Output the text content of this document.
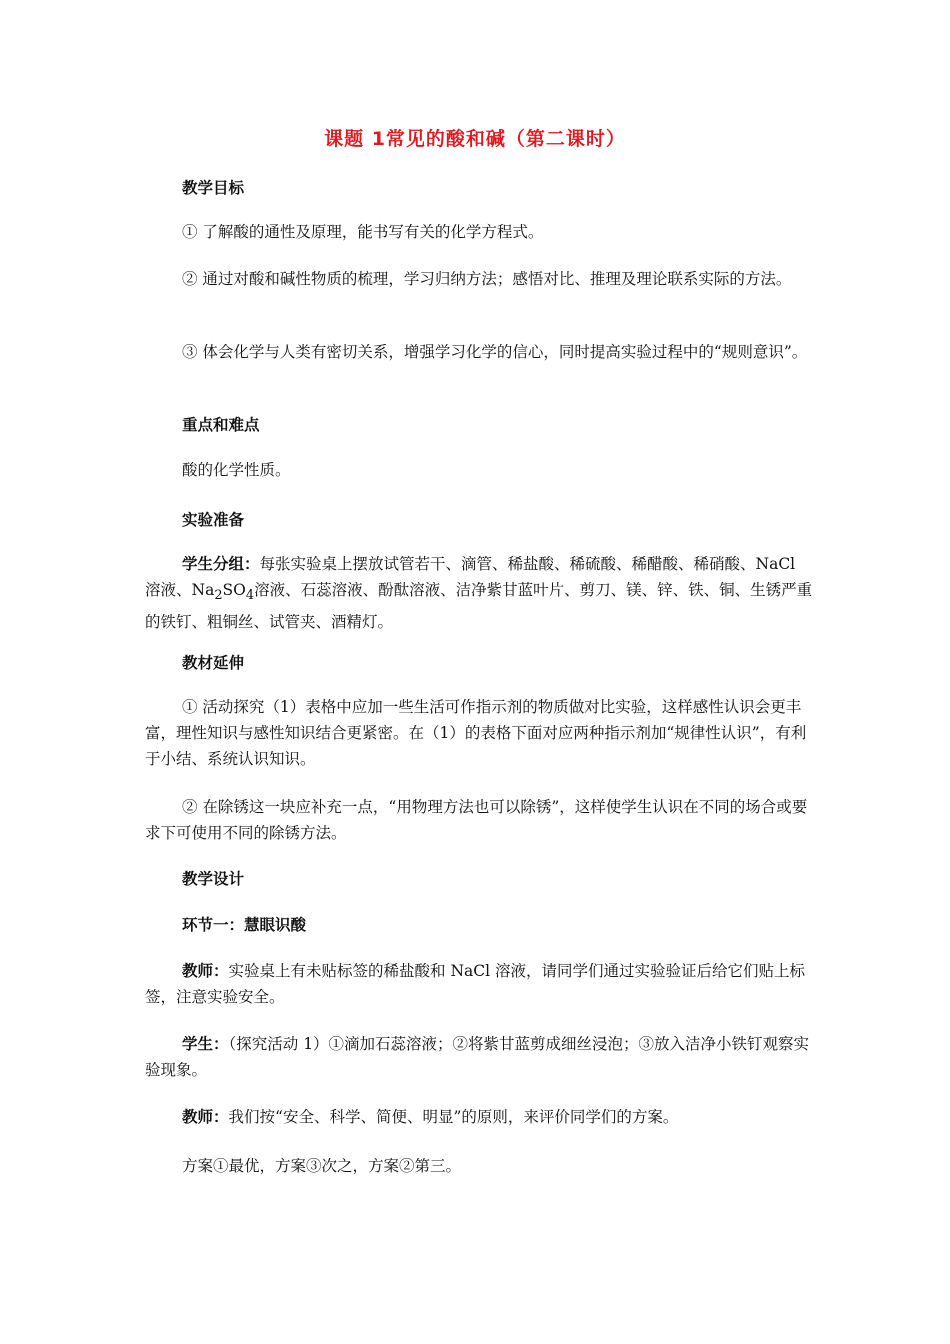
课题 1常见的酸和碱（第二课时）
教学目标
① 了解酸的通性及原理，能书写有关的化学方程式。
② 通过对酸和碱性物质的梳理，学习归纳方法；感悟对比、推理及理论联系实际的方法。
③ 体会化学与人类有密切关系，增强学习化学的信心，同时提高实验过程中的“规则意识”。
重点和难点
酸的化学性质。
实验准备
学生分组：每张实验桌上摆放试管若干、滴管、稀盐酸、稀硫酸、稀醋酸、稀硝酸、NaCl 溶液、$Na_2SO_4$溶液、石蕊溶液、酚酞溶液、洁净紫甘蓝叶片、剪刀、镁、锌、铁、铜、生锈严重的铁钉、粗铜丝、试管夹、酒精灯。
教材延伸
① 活动探究（1）表格中应加一些生活可作指示剂的物质做对比实验，这样感性认识会更丰富，理性知识与感性知识结合更紧密。在（1）的表格下面对应两种指示剂加“规律性认识”，有利于小结、系统认识知识。
② 在除锈这一块应补充一点，“用物理方法也可以除锈”，这样使学生认识在不同的场合或要求下可使用不同的除锈方法。
教学设计
环节一：慧眼识酸
教师：实验桌上有未贴标签的稀盐酸和 NaCl 溶液，请同学们通过实验验证后给它们贴上标签，注意实验安全。
学生：（探究活动 1）①滴加石蕊溶液；②将紫甘蓝剪成细丝浸泡；③放入洁净小铁钉观察实验现象。
教师：我们按“安全、科学、简便、明显”的原则，来评价同学们的方案。
方案①最优，方案③次之，方案②第三。
